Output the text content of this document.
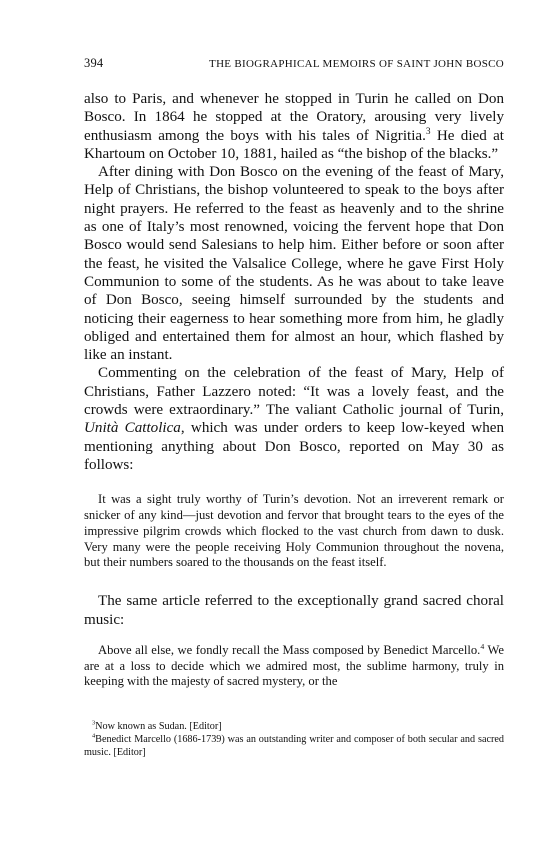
394	THE BIOGRAPHICAL MEMOIRS OF SAINT JOHN BOSCO

also to Paris, and whenever he stopped in Turin he called on Don Bosco. In 1864 he stopped at the Oratory, arousing very lively enthusiasm among the boys with his tales of Nigritia.$^3$ He died at Khartoum on October 10, 1881, hailed as “the bishop of the blacks.”

After dining with Don Bosco on the evening of the feast of Mary, Help of Christians, the bishop volunteered to speak to the boys after night prayers. He referred to the feast as heavenly and to the shrine as one of Italy’s most renowned, voicing the fervent hope that Don Bosco would send Salesians to help him. Either before or soon after the feast, he visited the Valsalice College, where he gave First Holy Communion to some of the students. As he was about to take leave of Don Bosco, seeing himself surrounded by the students and noticing their eagerness to hear something more from him, he gladly obliged and entertained them for almost an hour, which flashed by like an instant.

Commenting on the celebration of the feast of Mary, Help of Christians, Father Lazzero noted: “It was a lovely feast, and the crowds were extraordinary.” The valiant Catholic journal of Turin, Unità Cattolica, which was under orders to keep low-keyed when mentioning anything about Don Bosco, reported on May 30 as follows:

It was a sight truly worthy of Turin’s devotion. Not an irreverent remark or snicker of any kind—just devotion and fervor that brought tears to the eyes of the impressive pilgrim crowds which flocked to the vast church from dawn to dusk. Very many were the people receiving Holy Communion throughout the novena, but their numbers soared to the thousands on the feast itself.

The same article referred to the exceptionally grand sacred choral music:

Above all else, we fondly recall the Mass composed by Benedict Marcello.$^4$ We are at a loss to decide which we admired most, the sublime harmony, truly in keeping with the majesty of sacred mystery, or the

$^3$Now known as Sudan. [Editor]

$^4$Benedict Marcello (1686-1739) was an outstanding writer and composer of both secular and sacred music. [Editor]
